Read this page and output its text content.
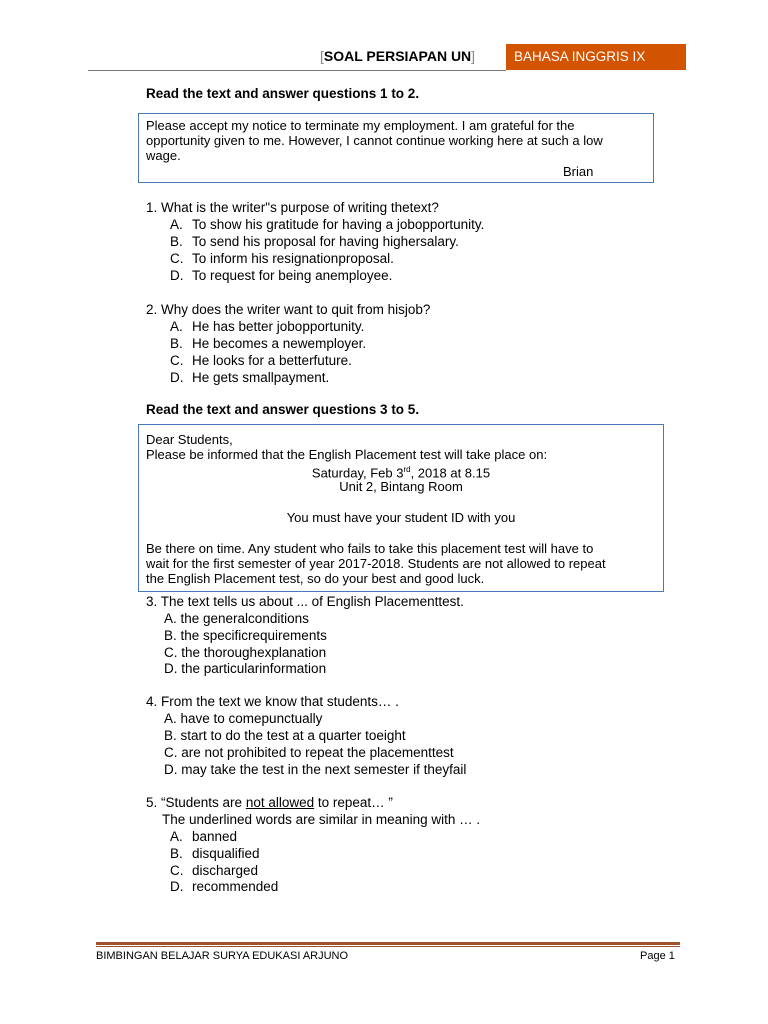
[SOAL PERSIAPAN UN]	BAHASA INGGRIS IX
Read the text and answer questions 1 to 2.
Please accept my notice to terminate my employment. I am grateful for the
opportunity given to me. However, I cannot continue working here at such a low
wage.
Brian
1. What is the writer"s purpose of writing thetext?
A. To show his gratitude for having a jobopportunity.
B. To send his proposal for having highersalary.
C. To inform his resignationproposal.
D. To request for being anemployee.
2. Why does the writer want to quit from hisjob?
A. He has better jobopportunity.
B. He becomes a newemployer.
C. He looks for a betterfuture.
D. He gets smallpayment.
Read the text and answer questions 3 to 5.
Dear Students,
Please be informed that the English Placement test will take place on:
Saturday, Feb 3rd, 2018 at 8.15
Unit 2, Bintang Room
You must have your student ID with you
Be there on time. Any student who fails to take this placement test will have to
wait for the first semester of year 2017-2018. Students are not allowed to repeat
the English Placement test, so do your best and good luck.
3. The text tells us about ... of English Placementtest.
A. the generalconditions
B. the specificrequirements
C. the thoroughexplanation
D. the particularinformation
4. From the text we know that students… .
A. have to comepunctually
B. start to do the test at a quarter toeight
C. are not prohibited to repeat the placementtest
D. may take the test in the next semester if theyfail
5. “Students are not allowed to repeat… ”
The underlined words are similar in meaning with … .
A. banned
B. disqualified
C. discharged
D. recommended
BIMBINGAN BELAJAR SURYA EDUKASI ARJUNO	Page 1
